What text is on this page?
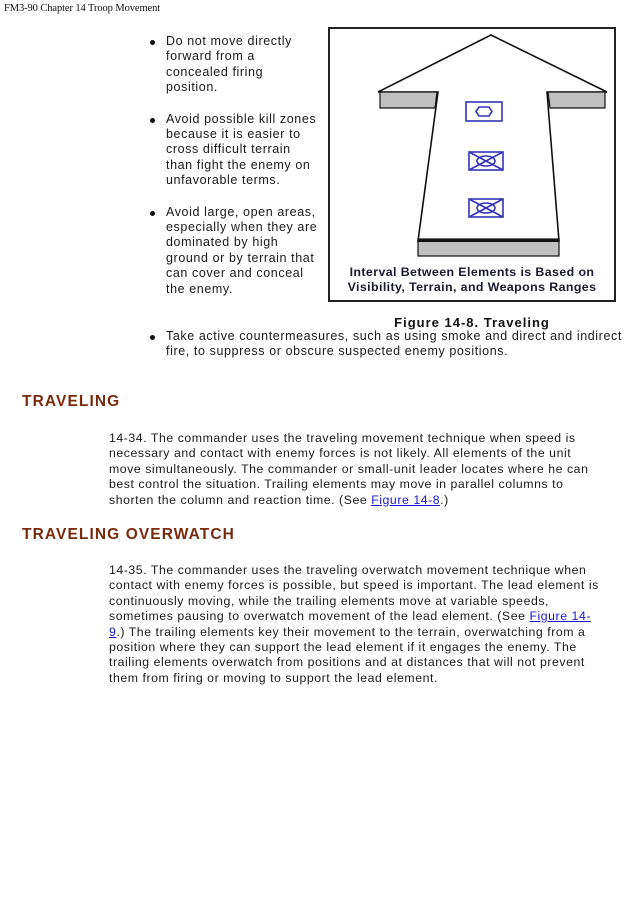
FM3-90 Chapter 14 Troop Movement
Do not move directly forward from a concealed firing position.
Avoid possible kill zones because it is easier to cross difficult terrain than fight the enemy on unfavorable terms.
Avoid large, open areas, especially when they are dominated by high ground or by terrain that can cover and conceal the enemy.
Take active countermeasures, such as using smoke and direct and indirect fire, to suppress or obscure suspected enemy positions.
Interval Between Elements is Based on
Visibility, Terrain, and Weapons Ranges
Figure 14-8. Traveling
TRAVELING

14-34. The commander uses the traveling movement technique when speed is necessary and contact with enemy forces is not likely. All elements of the unit move simultaneously. The commander or small-unit leader locates where he can best control the situation. Trailing elements may move in parallel columns to shorten the column and reaction time. (See Figure 14-8.)

TRAVELING OVERWATCH

14-35. The commander uses the traveling overwatch movement technique when contact with enemy forces is possible, but speed is important. The lead element is continuously moving, while the trailing elements move at variable speeds, sometimes pausing to overwatch movement of the lead element. (See Figure 14-9.) The trailing elements key their movement to the terrain, overwatching from a position where they can support the lead element if it engages the enemy. The trailing elements overwatch from positions and at distances that will not prevent them from firing or moving to support the lead element.
